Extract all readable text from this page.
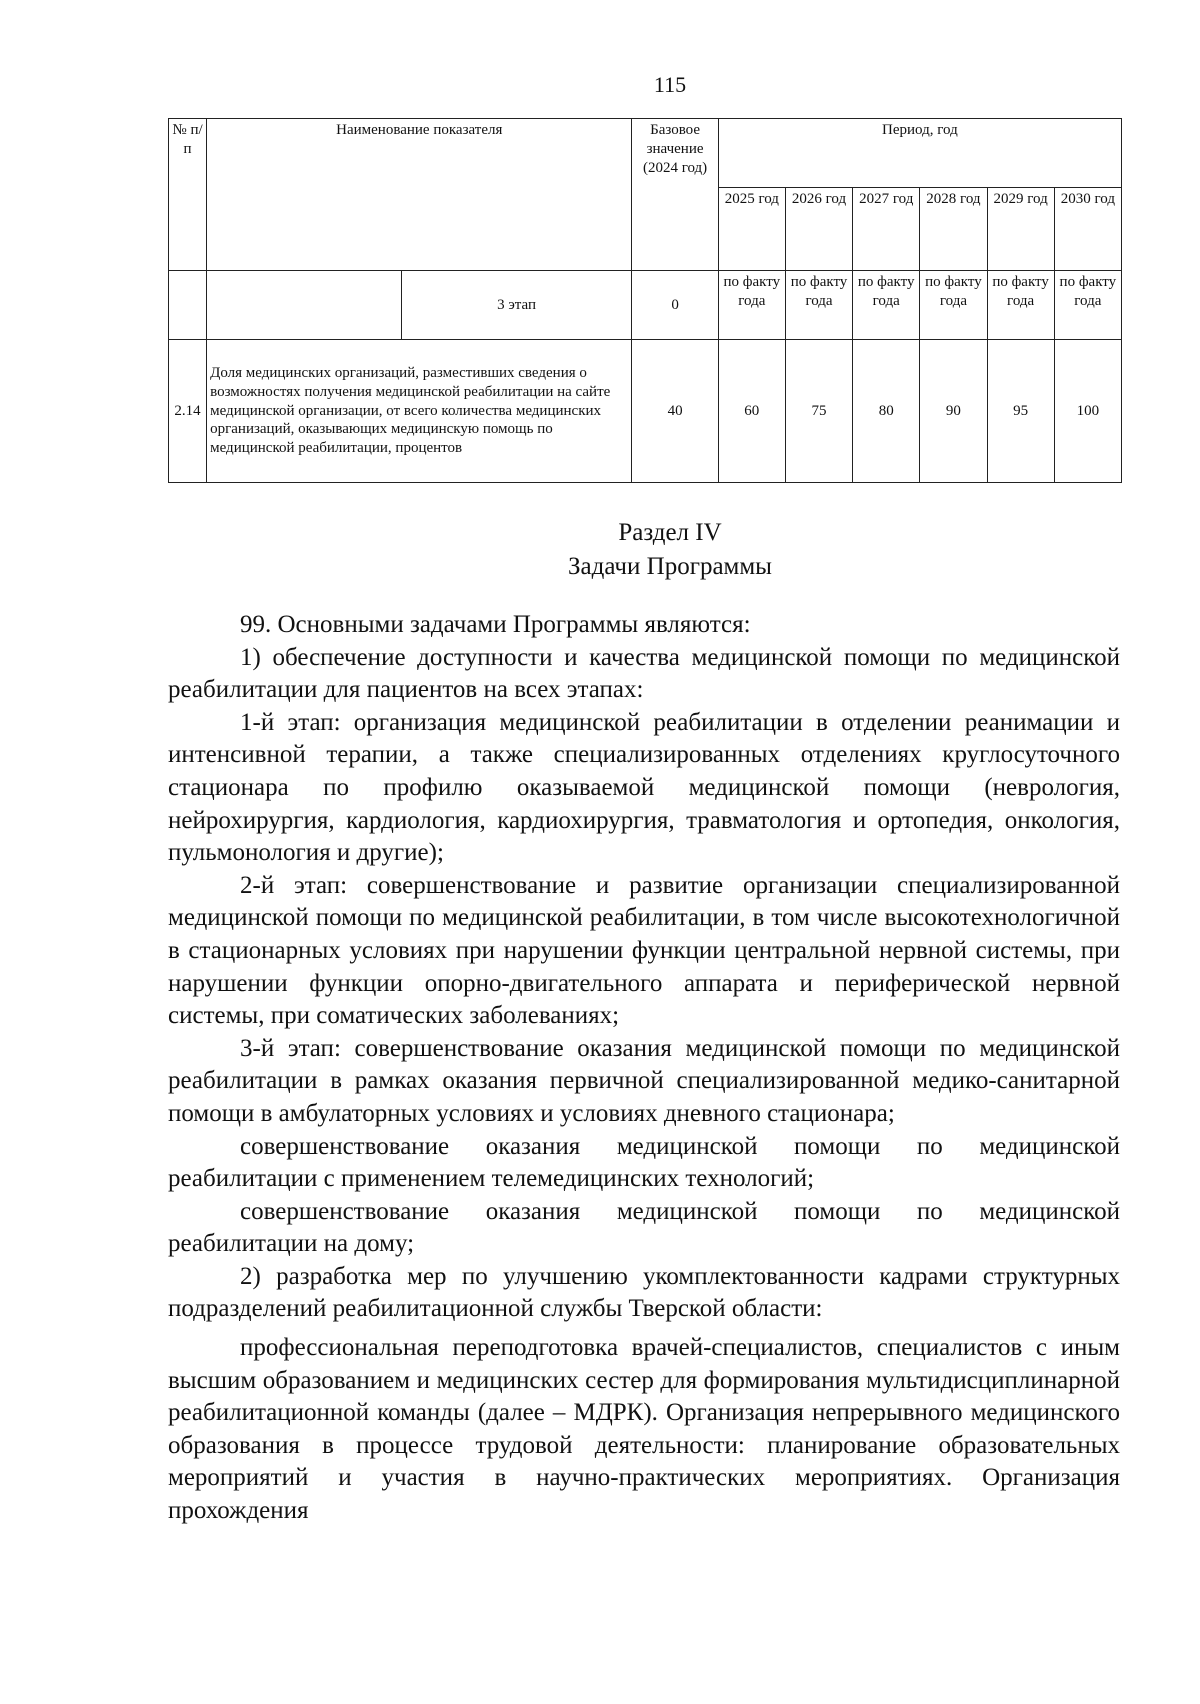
115
№ п/п	Наименование показателя		Базовое значение (2024 год)	Период, год					
				2025 год	2026 год	2027 год	2028 год	2029 год	2030 год
		3 этап	0	по факту года	по факту года	по факту года	по факту года	по факту года	по факту года
2.14	Доля медицинских организаций, разместивших сведения о возможностях получения медицинской реабилитации на сайте медицинской организации, от всего количества медицинских организаций, оказывающих медицинскую помощь по медицинской реабилитации, процентов		40	60	75	80	90	95	100
Раздел IV
Задачи Программы

99. Основными задачами Программы являются:

1) обеспечение доступности и качества медицинской помощи по медицинской реабилитации для пациентов на всех этапах:

1-й этап: организация медицинской реабилитации в отделении реанимации и интенсивной терапии, а также специализированных отделениях круглосуточного стационара по профилю оказываемой медицинской помощи (неврология, нейрохирургия, кардиология, кардиохирургия, травматология и ортопедия, онкология, пульмонология и другие);

2-й этап: совершенствование и развитие организации специализированной медицинской помощи по медицинской реабилитации, в том числе высокотехнологичной в стационарных условиях при нарушении функции центральной нервной системы, при нарушении функции опорно-двигательного аппарата и периферической нервной системы, при соматических заболеваниях;

3-й этап: совершенствование оказания медицинской помощи по медицинской реабилитации в рамках оказания первичной специализированной медико-санитарной помощи в амбулаторных условиях и условиях дневного стационара;

совершенствование оказания медицинской помощи по медицинской реабилитации с применением телемедицинских технологий;

совершенствование оказания медицинской помощи по медицинской реабилитации на дому;

2) разработка мер по улучшению укомплектованности кадрами структурных подразделений реабилитационной службы Тверской области:

профессиональная переподготовка врачей-специалистов, специалистов с иным высшим образованием и медицинских сестер для формирования мультидисциплинарной реабилитационной команды (далее – МДРК). Организация непрерывного медицинского образования в процессе трудовой деятельности: планирование образовательных мероприятий и участия в научно-практических мероприятиях. Организация прохождения
